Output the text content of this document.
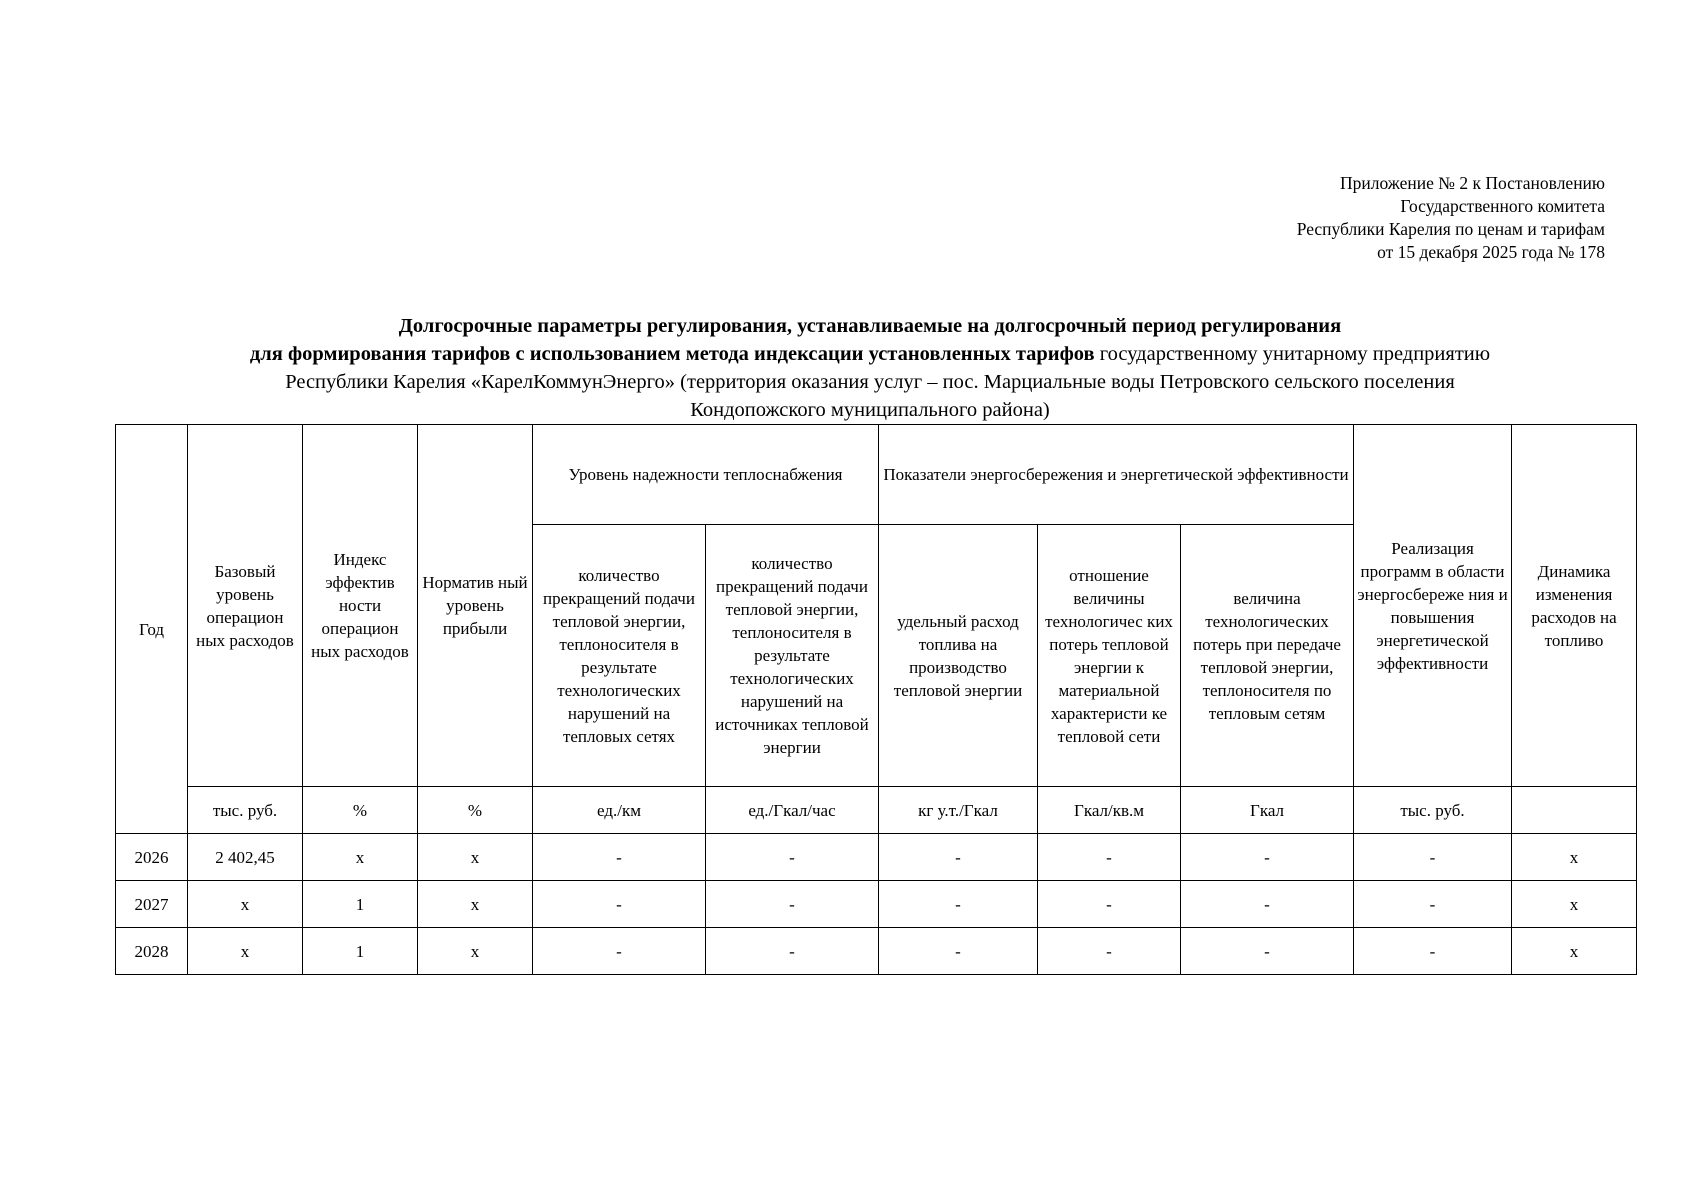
Приложение № 2 к Постановлению
Государственного комитета
Республики Карелия по ценам и тарифам
от 15 декабря 2025 года № 178
Долгосрочные параметры регулирования, устанавливаемые на долгосрочный период регулирования
для формирования тарифов с использованием метода индексации установленных тарифов государственному унитарному предприятию
Республики Карелия «КарелКоммунЭнерго» (территория оказания услуг – пос. Марциальные воды Петровского сельского поселения
Кондопожского муниципального района)
Год	Базовый уровень операцион ных расходов	Индекс эффектив ности операцион ных расходов	Норматив ный уровень прибыли	Уровень надежности теплоснабжения		Показатели энергосбережения и энергетической эффективности			Реализация программ в области энергосбереже ния и повышения энергетической эффективности	Динамика изменения расходов на топливо
				количество прекращений подачи тепловой энергии, теплоносителя в результате технологических нарушений на тепловых сетях	количество прекращений подачи тепловой энергии, теплоносителя в результате технологических нарушений на источниках тепловой энергии	удельный расход топлива на производство тепловой энергии	отношение величины технологичес ких потерь тепловой энергии к материальной характеристи ке тепловой сети	величина технологических потерь при передаче тепловой энергии, теплоносителя по тепловым сетям		
	тыс. руб.	%	%	ед./км	ед./Гкал/час	кг у.т./Гкал	Гкал/кв.м	Гкал	тыс. руб.	
2026	2 402,45	х	х	-	-	-	-	-	-	х
2027	х	1	х	-	-	-	-	-	-	х
2028	х	1	х	-	-	-	-	-	-	х
